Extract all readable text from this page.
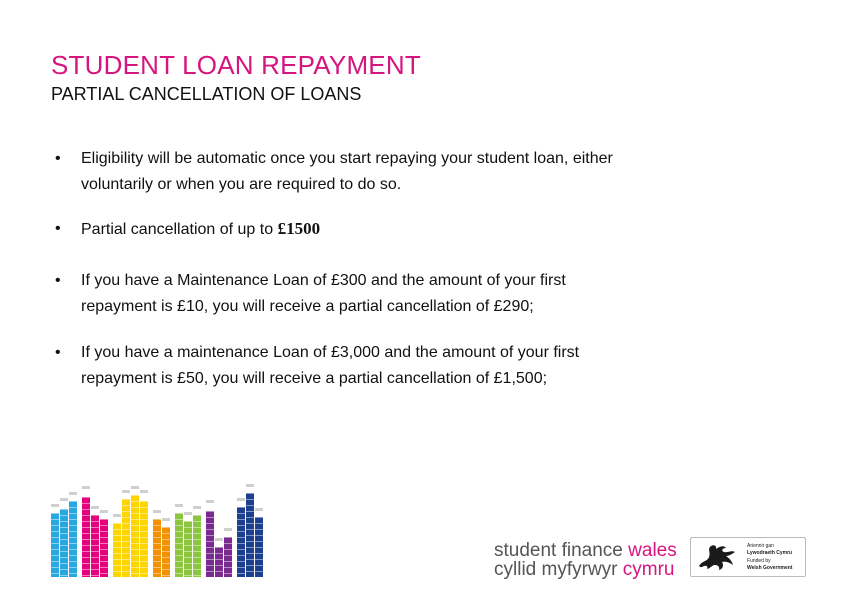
STUDENT LOAN REPAYMENT
PARTIAL CANCELLATION OF LOANS
•	Eligibility will be automatic once you start repaying your student loan, either
voluntarily or when you are required to do so.
•	Partial cancellation of up to £1500
•	If you have a Maintenance Loan of £300 and the amount of your first
repayment is £10, you will receive a partial cancellation of £290;
•	If you have a maintenance Loan of £3,000 and the amount of your first
repayment is £50, you will receive a partial cancellation of £1,500;
student finance wales
cyllid myfyrwyr cymru
Ariennir gan
Lywodraeth Cymru
Funded by
Welsh Government
